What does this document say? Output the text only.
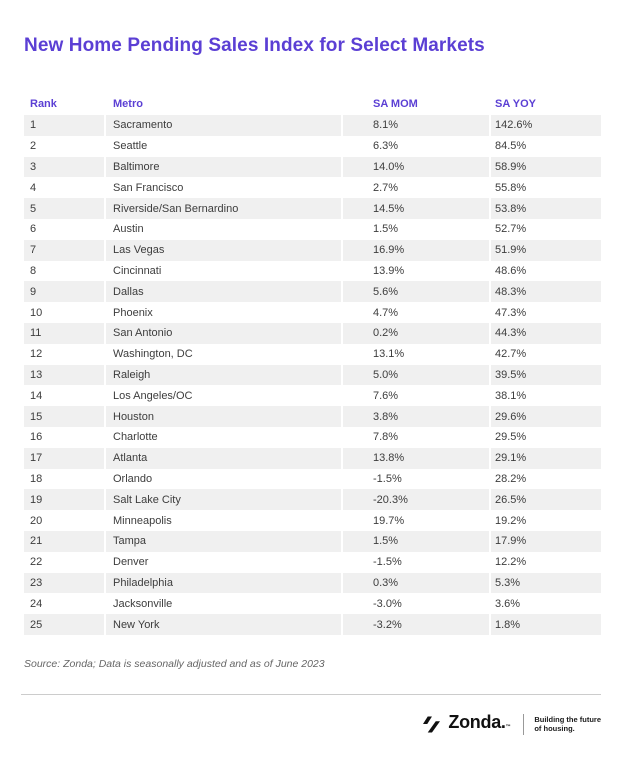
New Home Pending Sales Index for Select Markets
Rank	Metro	SA MOM	SA YOY
1	Sacramento	8.1%	142.6%
2	Seattle	6.3%	84.5%
3	Baltimore	14.0%	58.9%
4	San Francisco	2.7%	55.8%
5	Riverside/San Bernardino	14.5%	53.8%
6	Austin	1.5%	52.7%
7	Las Vegas	16.9%	51.9%
8	Cincinnati	13.9%	48.6%
9	Dallas	5.6%	48.3%
10	Phoenix	4.7%	47.3%
11	San Antonio	0.2%	44.3%
12	Washington, DC	13.1%	42.7%
13	Raleigh	5.0%	39.5%
14	Los Angeles/OC	7.6%	38.1%
15	Houston	3.8%	29.6%
16	Charlotte	7.8%	29.5%
17	Atlanta	13.8%	29.1%
18	Orlando	-1.5%	28.2%
19	Salt Lake City	-20.3%	26.5%
20	Minneapolis	19.7%	19.2%
21	Tampa	1.5%	17.9%
22	Denver	-1.5%	12.2%
23	Philadelphia	0.3%	5.3%
24	Jacksonville	-3.0%	3.6%
25	New York	-3.2%	1.8%
Source: Zonda; Data is seasonally adjusted and as of June 2023
Zonda.™
Building the future
of housing.
